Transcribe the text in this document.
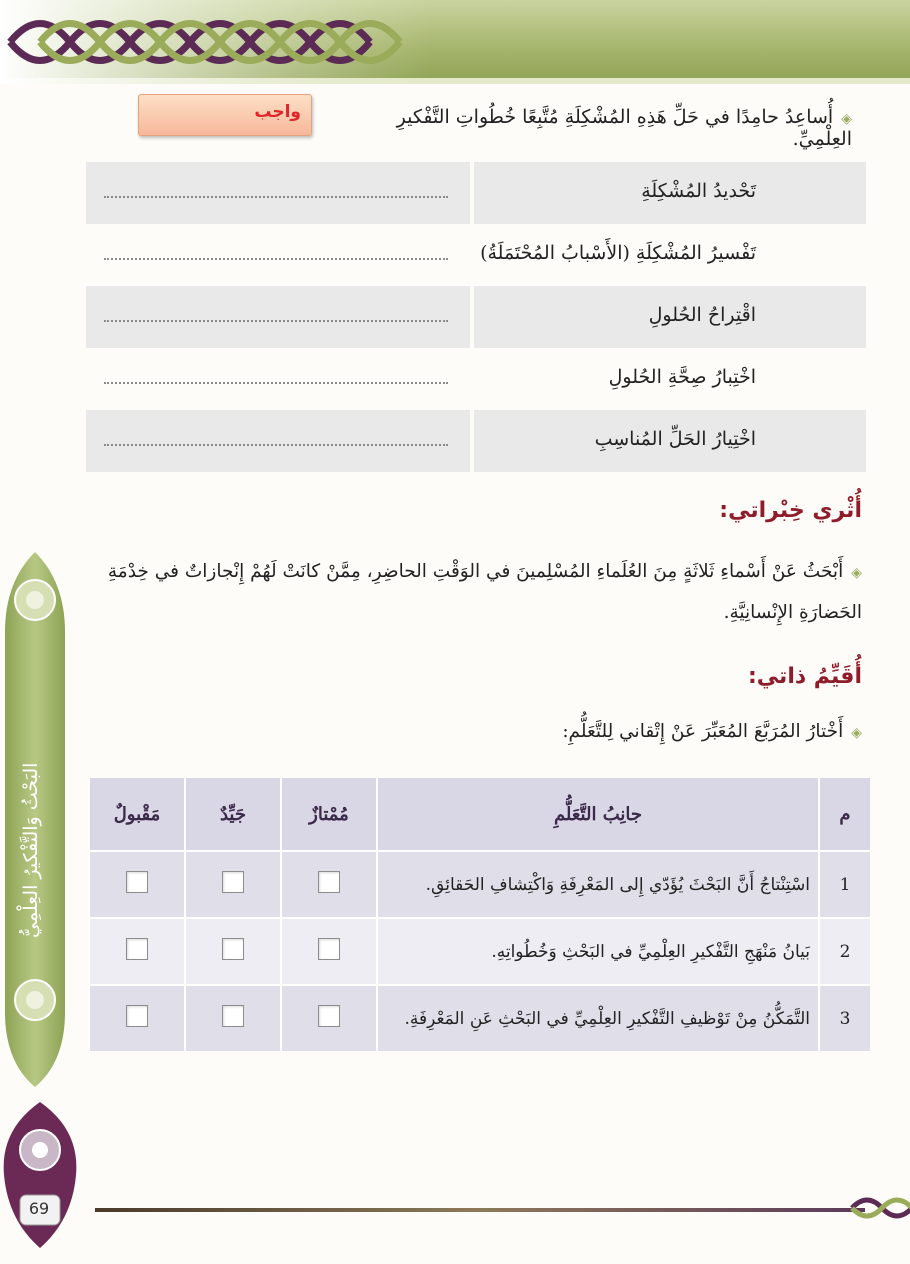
واجب	◈أُساعِدُ حامِدًا في حَلِّ هَذِهِ المُشْكِلَةِ مُتَّبِعًا خُطُواتِ التَّفْكيرِ العِلْمِيِّ.
تَحْديدُ المُشْكِلَةِ
تَفْسيرُ المُشْكِلَةِ (الأَسْبابُ المُحْتَمَلَةُ)
اقْتِراحُ الحُلولِ
اخْتِبارُ صِحَّةِ الحُلولِ
اخْتِيارُ الحَلِّ المُناسِبِ
أُثْري خِبْراتي:
◈أَبْحَثُ عَنْ أَسْماءِ ثَلاثَةٍ مِنَ العُلَماءِ المُسْلِمينَ في الوَقْتِ الحاضِرِ، مِمَّنْ كانَتْ لَهُمْ إِنْجازاتٌ في خِدْمَةِ الحَضارَةِ الإِنْسانِيَّةِ.
أُقَيِّمُ ذاتي:
◈أَخْتارُ المُرَبَّعَ المُعَبِّرَ عَنْ إِتْقاني لِلتَّعَلُّمِ:
م	جانِبُ التَّعَلُّمِ	مُمْتازٌ	جَيِّدٌ	مَقْبولٌ
1	اسْتِنْتاجُ أَنَّ البَحْثَ يُؤَدّي إِلى المَعْرِفَةِ وَاكْتِشافِ الحَقائِقِ.			
2	بَيانُ مَنْهَجِ التَّفْكيرِ العِلْمِيِّ في البَحْثِ وَخُطُواتِهِ.			
3	التَّمَكُّنُ مِنْ تَوْظيفِ التَّفْكيرِ العِلْمِيِّ في البَحْثِ عَنِ المَعْرِفَةِ.			
البَحْثُ وَالتَّفْكيرُ العِلْمِيُّ
69
